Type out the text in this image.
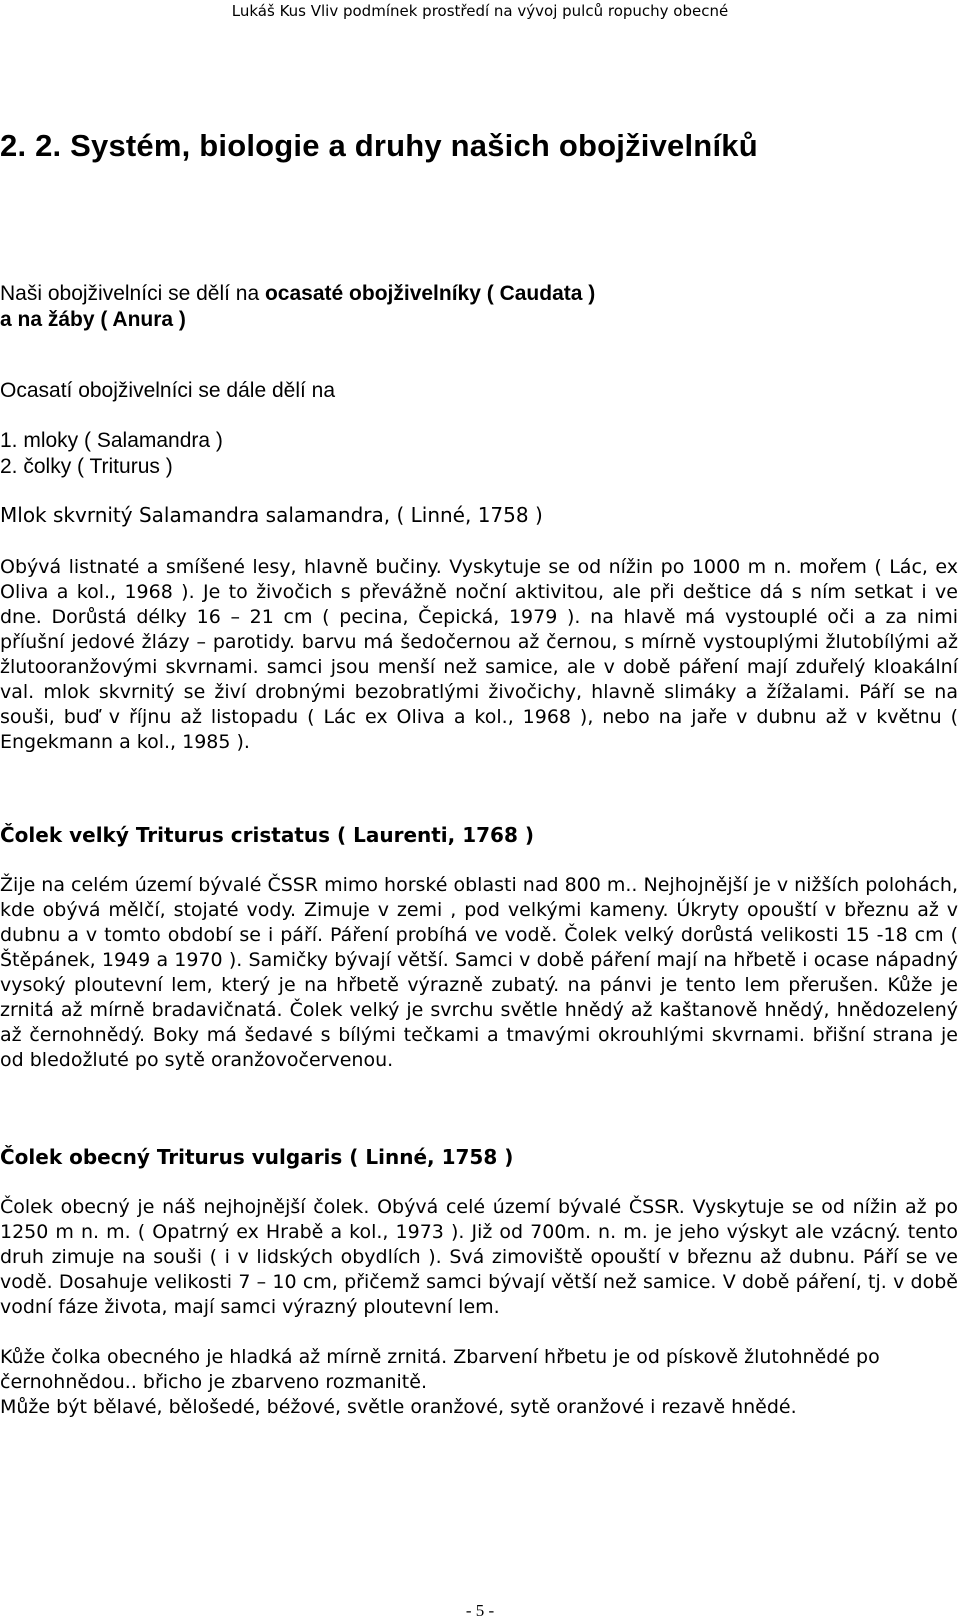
Lukáš Kus Vliv podmínek prostředí na vývoj pulců ropuchy obecné
2. 2. Systém, biologie a druhy našich obojživelníků

Naši obojživelníci se dělí na ocasaté obojživelníky ( Caudata )

a na žáby ( Anura )

Ocasatí obojživelníci se dále dělí na

1. mloky ( Salamandra )

2. čolky ( Triturus )

Mlok skvrnitý Salamandra salamandra, ( Linné, 1758 )

Obývá listnaté a smíšené lesy, hlavně bučiny. Vyskytuje se od nížin po 1000 m n. mořem ( Lác, ex Oliva a kol., 1968 ). Je to živočich s převážně noční aktivitou, ale při deštice dá s ním setkat i ve dne. Dorůstá délky 16 – 21 cm ( pecina, Čepická, 1979 ). na hlavě má vystouplé oči a za nimi příušní jedové žlázy – parotidy. barvu má šedočernou až černou, s mírně vystouplými žlutobílými až žlutooranžovými skvrnami. samci jsou menší než samice, ale v době páření mají zduřelý kloakální val. mlok skvrnitý se živí drobnými bezobratlými živočichy, hlavně slimáky a žížalami. Páří se na souši, buď v říjnu až listopadu ( Lác ex Oliva a kol., 1968 ), nebo na jaře v dubnu až v květnu ( Engekmann a kol., 1985 ).

Čolek velký Triturus cristatus ( Laurenti, 1768 )

Žije na celém území bývalé ČSSR mimo horské oblasti nad 800 m.. Nejhojnější je v nižších polohách, kde obývá mělčí, stojaté vody. Zimuje v zemi , pod velkými kameny. Úkryty opouští v březnu až v dubnu a v tomto období se i páří. Páření probíhá ve vodě. Čolek velký dorůstá velikosti 15 -18 cm ( Štěpánek, 1949 a 1970 ). Samičky bývají větší. Samci v době páření mají na hřbetě i ocase nápadný vysoký ploutevní lem, který je na hřbetě výrazně zubatý. na pánvi je tento lem přerušen. Kůže je zrnitá až mírně bradavičnatá. Čolek velký je svrchu světle hnědý až kaštanově hnědý, hnědozelený až černohnědý. Boky má šedavé s bílými tečkami a tmavými okrouhlými skvrnami. břišní strana je od bledožluté po sytě oranžovočervenou.

Čolek obecný Triturus vulgaris ( Linné, 1758 )

Čolek obecný je náš nejhojnější čolek. Obývá celé území bývalé ČSSR. Vyskytuje se od nížin až po 1250 m n. m. ( Opatrný ex Hrabě a kol., 1973 ). Již od 700m. n. m. je jeho výskyt ale vzácný. tento druh zimuje na souši ( i v lidských obydlích ). Svá zimoviště opouští v březnu až dubnu. Páří se ve vodě. Dosahuje velikosti 7 – 10 cm, přičemž samci bývají větší než samice. V době páření, tj. v době vodní fáze života, mají samci výrazný ploutevní lem.

Kůže čolka obecného je hladká až mírně zrnitá. Zbarvení hřbetu je od pískově žlutohnědé po černohnědou.. břicho je zbarveno rozmanitě.

Může být bělavé, bělošedé, béžové, světle oranžové, sytě oranžové i rezavě hnědé.

- 5 -
